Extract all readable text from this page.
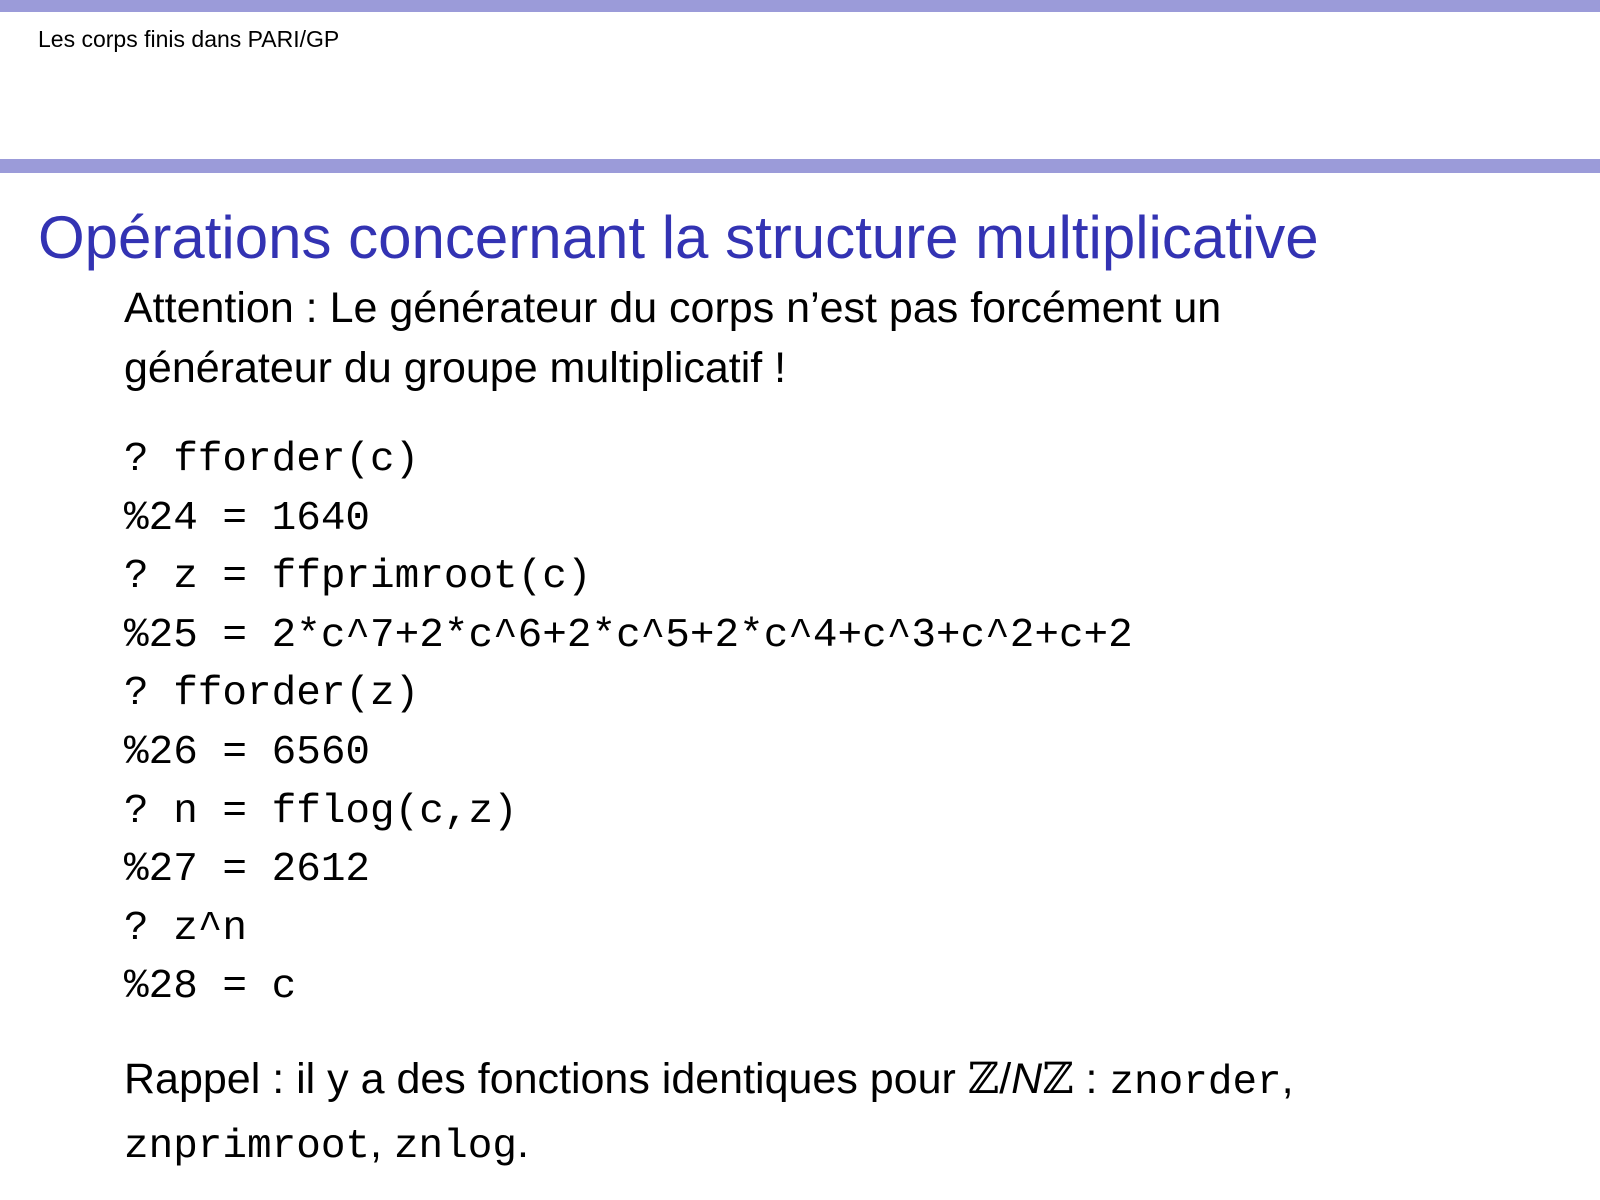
Les corps finis dans PARI/GP
Opérations concernant la structure multiplicative
Attention : Le générateur du corps n’est pas forcément un
générateur du groupe multiplicatif !
? fforder(c)
%24 = 1640
? z = ffprimroot(c)
%25 = 2*c^7+2*c^6+2*c^5+2*c^4+c^3+c^2+c+2
? fforder(z)
%26 = 6560
? n = fflog(c,z)
%27 = 2612
? z^n
%28 = c
Rappel : il y a des fonctions identiques pour ℤ/Nℤ : znorder,
znprimroot, znlog.
